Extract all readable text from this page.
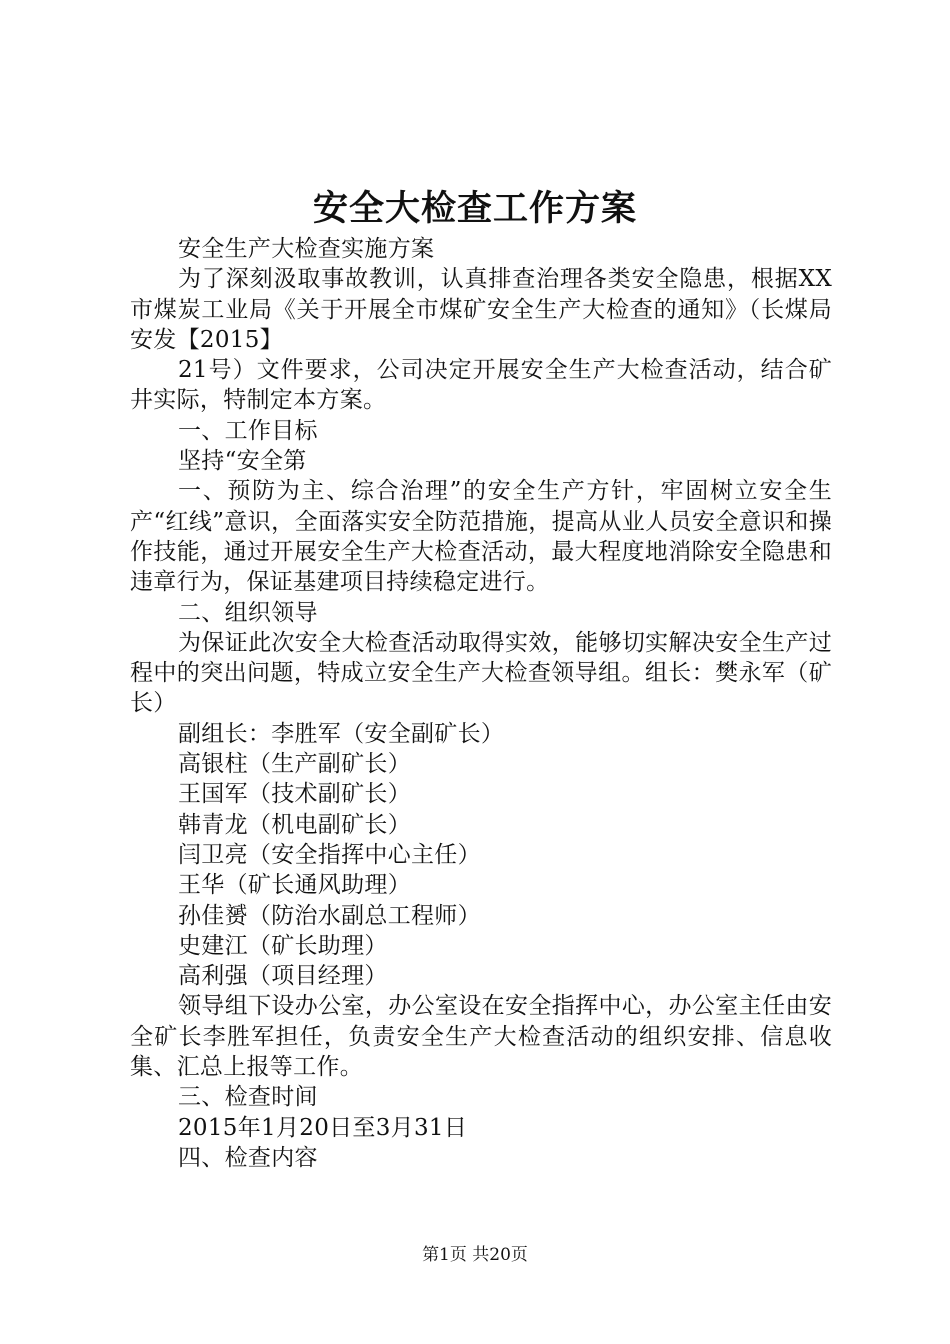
安全大检查工作方案

安全生产大检查实施方案

为了深刻汲取事故教训，认真排查治理各类安全隐患，根据XX市煤炭工业局《关于开展全市煤矿安全生产大检查的通知》（长煤局安发【2015】

21号）文件要求，公司决定开展安全生产大检查活动，结合矿井实际，特制定本方案。

一、工作目标

坚持“安全第

一、预防为主、综合治理”的安全生产方针，牢固树立安全生产“红线”意识，全面落实安全防范措施，提高从业人员安全意识和操作技能，通过开展安全生产大检查活动，最大程度地消除安全隐患和违章行为，保证基建项目持续稳定进行。

二、组织领导

为保证此次安全大检查活动取得实效，能够切实解决安全生产过程中的突出问题，特成立安全生产大检查领导组。组长：樊永军（矿长）

副组长：李胜军（安全副矿长）

高银柱（生产副矿长）

王国军（技术副矿长）

韩青龙（机电副矿长）

闫卫亮（安全指挥中心主任）

王华（矿长通风助理）

孙佳赟（防治水副总工程师）

史建江（矿长助理）

高利强（项目经理）

领导组下设办公室，办公室设在安全指挥中心，办公室主任由安全矿长李胜军担任，负责安全生产大检查活动的组织安排、信息收集、汇总上报等工作。

三、检查时间

2015年1月20日至3月31日

四、检查内容

第1页 共20页
